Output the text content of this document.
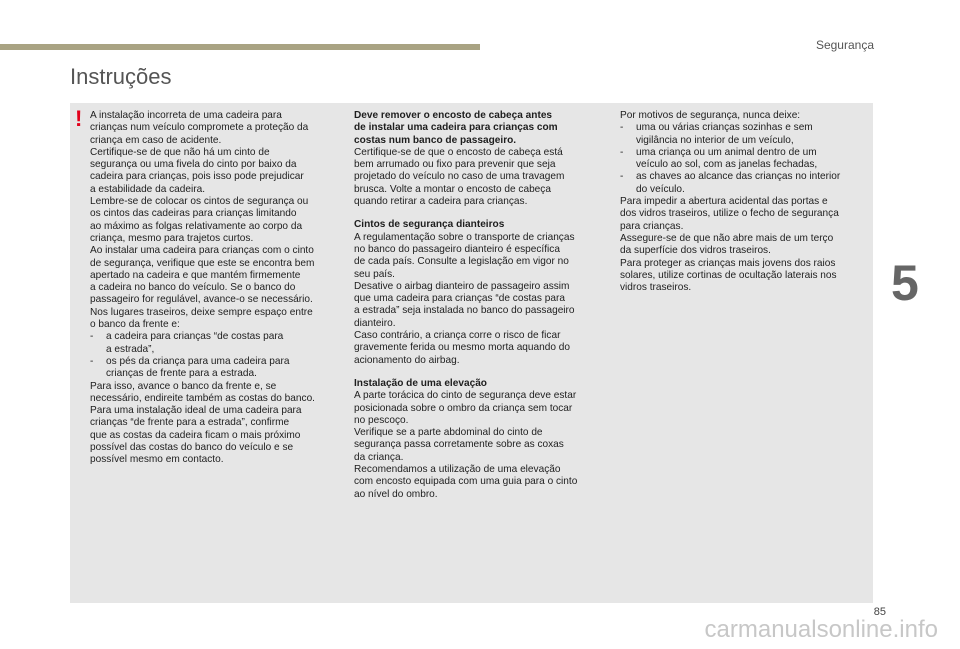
Segurança
Instruções
5
! A instalação incorreta de uma cadeira para
crianças num veículo compromete a proteção da
criança em caso de acidente.
Certifique-se de que não há um cinto de
segurança ou uma fivela do cinto por baixo da
cadeira para crianças, pois isso pode prejudicar
a estabilidade da cadeira.
Lembre-se de colocar os cintos de segurança ou
os cintos das cadeiras para crianças limitando
ao máximo as folgas relativamente ao corpo da
criança, mesmo para trajetos curtos.
Ao instalar uma cadeira para crianças com o cinto
de segurança, verifique que este se encontra bem
apertado na cadeira e que mantém firmemente
a cadeira no banco do veículo. Se o banco do
passageiro for regulável, avance-o se necessário.
Nos lugares traseiros, deixe sempre espaço entre
o banco da frente e:
- a cadeira para crianças “de costas para
a estrada”,
- os pés da criança para uma cadeira para
crianças de frente para a estrada.
Para isso, avance o banco da frente e, se
necessário, endireite também as costas do banco.
Para uma instalação ideal de uma cadeira para
crianças “de frente para a estrada”, confirme
que as costas da cadeira ficam o mais próximo
possível das costas do banco do veículo e se
possível mesmo em contacto.
Deve remover o encosto de cabeça antes
de instalar uma cadeira para crianças com
costas num banco de passageiro.
Certifique-se de que o encosto de cabeça está
bem arrumado ou fixo para prevenir que seja
projetado do veículo no caso de uma travagem
brusca. Volte a montar o encosto de cabeça
quando retirar a cadeira para crianças.
Cintos de segurança dianteiros
A regulamentação sobre o transporte de crianças
no banco do passageiro dianteiro é específica
de cada país. Consulte a legislação em vigor no
seu país.
Desative o airbag dianteiro de passageiro assim
que uma cadeira para crianças “de costas para
a estrada” seja instalada no banco do passageiro
dianteiro.
Caso contrário, a criança corre o risco de ficar
gravemente ferida ou mesmo morta aquando do
acionamento do airbag.
Instalação de uma elevação
A parte torácica do cinto de segurança deve estar
posicionada sobre o ombro da criança sem tocar
no pescoço.
Verifique se a parte abdominal do cinto de
segurança passa corretamente sobre as coxas
da criança.
Recomendamos a utilização de uma elevação
com encosto equipada com uma guia para o cinto
ao nível do ombro.
Por motivos de segurança, nunca deixe:
- uma ou várias crianças sozinhas e sem
vigilância no interior de um veículo,
- uma criança ou um animal dentro de um
veículo ao sol, com as janelas fechadas,
- as chaves ao alcance das crianças no interior
do veículo.
Para impedir a abertura acidental das portas e
dos vidros traseiros, utilize o fecho de segurança
para crianças.
Assegure-se de que não abre mais de um terço
da superfície dos vidros traseiros.
Para proteger as crianças mais jovens dos raios
solares, utilize cortinas de ocultação laterais nos
vidros traseiros.
85
carmanualsonline.info
